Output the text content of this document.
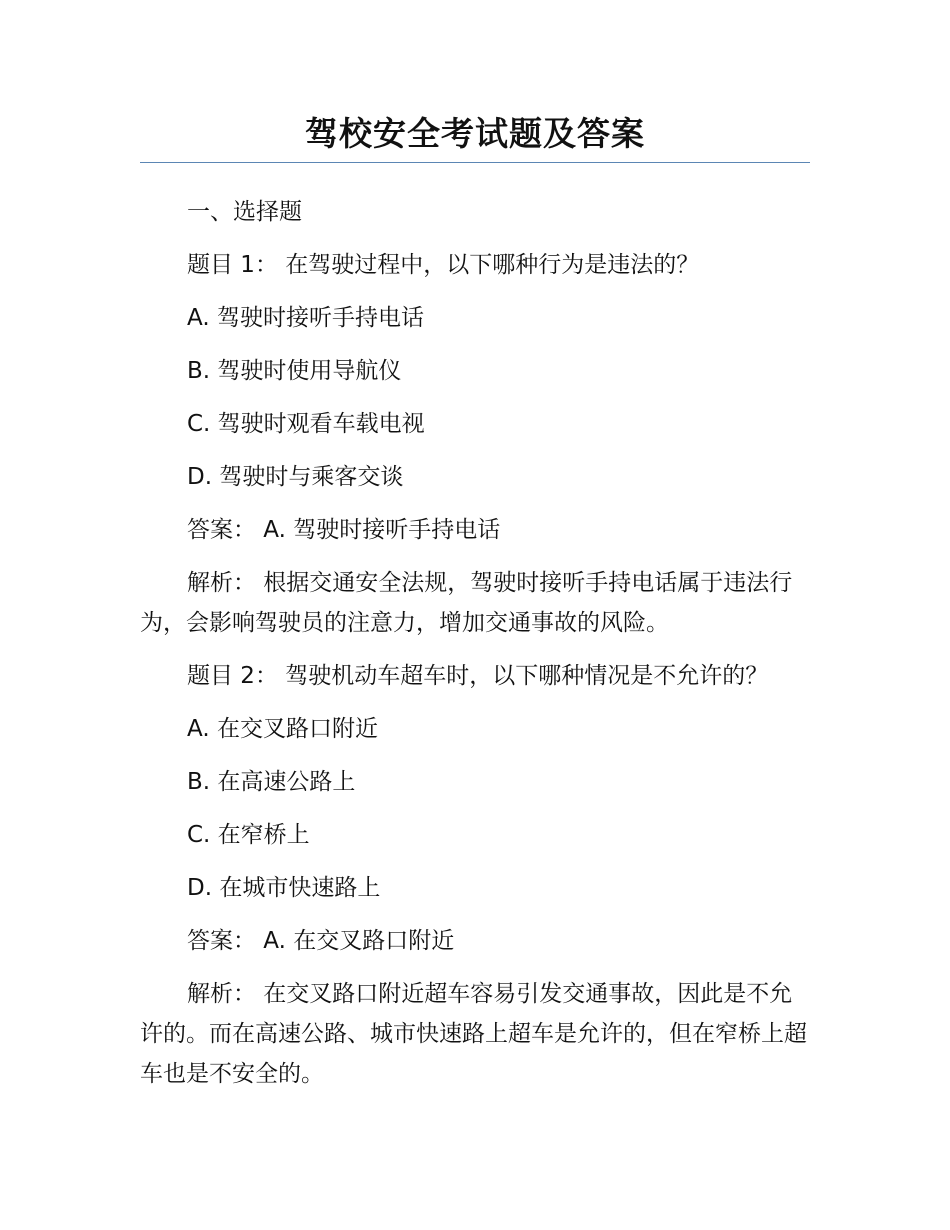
驾校安全考试题及答案

一、选择题

题目 1： 在驾驶过程中，以下哪种行为是违法的？

A. 驾驶时接听手持电话

B. 驾驶时使用导航仪

C. 驾驶时观看车载电视

D. 驾驶时与乘客交谈

答案： A. 驾驶时接听手持电话

解析： 根据交通安全法规，驾驶时接听手持电话属于违法行为，会影响驾驶员的注意力，增加交通事故的风险。

题目 2： 驾驶机动车超车时，以下哪种情况是不允许的？

A. 在交叉路口附近

B. 在高速公路上

C. 在窄桥上

D. 在城市快速路上

答案： A. 在交叉路口附近

解析： 在交叉路口附近超车容易引发交通事故，因此是不允许的。而在高速公路、城市快速路上超车是允许的，但在窄桥上超车也是不安全的。
